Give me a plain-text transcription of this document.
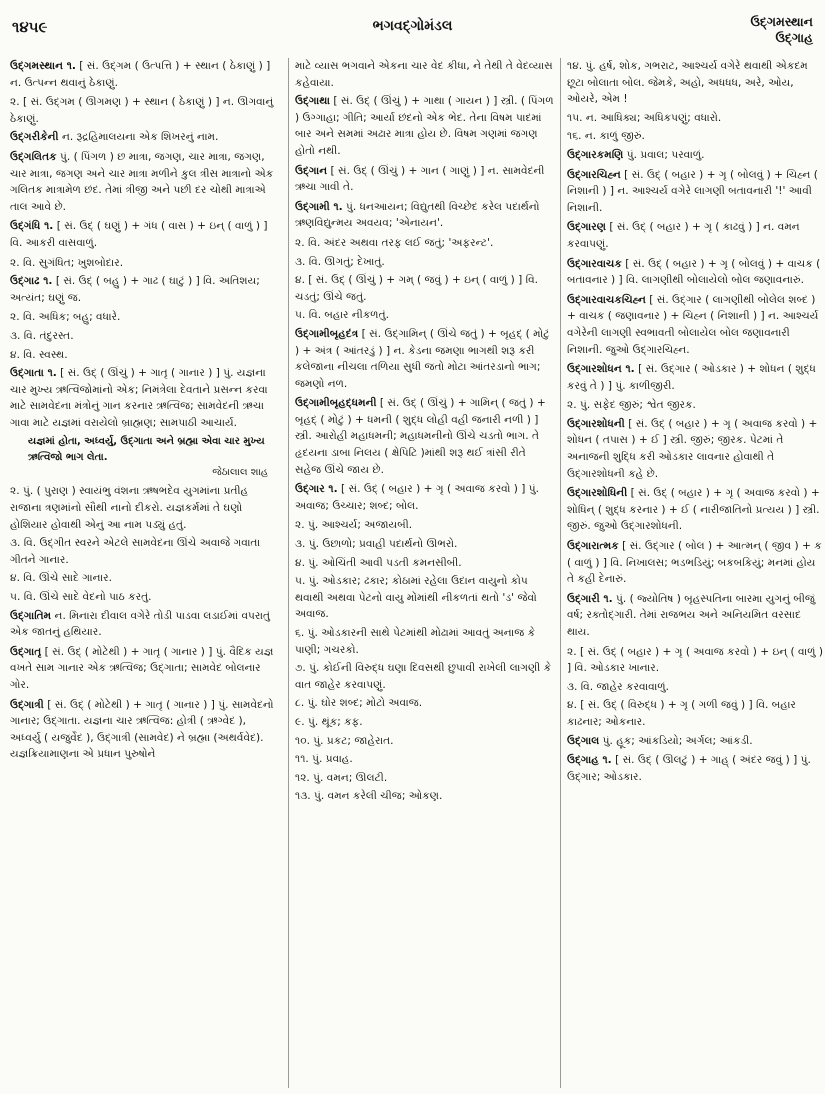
૧૪૫૯	ભગવદ્ગોમંડલ	ઉદ્ગમસ્થાન
ઉદ્ગાહ

ઉદ્ગમસ્થાન ૧. [ સં. ઉદ્ગમ ( ઉત્પત્તિ ) + સ્થાન ( ઠેકાણું ) ] ન. ઉત્પન્ન થવાનું ઠેકાણું.

૨. [ સં. ઉદ્ગમ ( ઊગમણ ) + સ્થાન ( ઠેકાણું ) ] ન. ઊગવાનું ઠેકાણું.

ઉદ્ગરીકેની ન. રૂદ્રહિમાલયના એક શિખરનું નામ.

ઉદ્ગલિતક પું. ( પિંગળ ) છ માત્રા, જગણ, ચાર માત્રા, જગણ, ચાર માત્રા, જગણ અને ચાર માત્રા મળીને કુલ ત્રીસ માત્રાનો એક ગલિતક માત્રામેળ છંદ. તેમાં ત્રીજી અને પછી દર ચોથી માત્રાએ તાલ આવે છે.

ઉદ્ગંધિ ૧. [ સં. ઉદ્ ( ઘણું ) + ગંધ ( વાસ ) + ઇન્ ( વાળું ) ] વિ. આકરી વાસવાળું.

૨. વિ. સુગંધિત; ખુશબોદાર.

ઉદ્ગાઢ ૧. [ સં. ઉદ્ ( બહુ ) + ગાઢ ( ઘાટું ) ] વિ. અતિશય; અત્યંત; ઘણું જ.

૨. વિ. અધિક; બહુ; વધારે.

૩. વિ. તંદુરસ્ત.

૪. વિ. સ્વસ્થ.

ઉદ્ગાતા ૧. [ સં. ઉદ્ ( ઊંચું ) + ગાતૃ ( ગાનાર ) ] પું. યજ્ઞના ચાર મુખ્ય ઋત્વિજોમાંનો એક; નિમંત્રેલા દેવતાને પ્રસન્ન કરવા માટે સામવેદના મંત્રોનું ગાન કરનાર ઋત્વિજ; સામવેદની ઋચા ગાવા માટે યજ્ઞમાં વરાયેલો બ્રાહ્મણ; સામપાઠી આચાર્ય.

યજ્ઞમાં હોતા, અધ્વર્યુ, ઉદ્ગાતા અને બ્રહ્મા એવા ચાર મુખ્ય ઋત્વિજો ભાગ લેતા.

જેઠાલાલ શાહ

૨. પું. ( પુરાણ ) સ્વાયંભુ વંશના ઋષભદેવ યુગમાંના પ્રતીહ રાજાના ત્રણમાંનો સૌથી નાનો દીકરો. યજ્ઞકર્મમાં તે ઘણો હોશિયાર હોવાથી એનું આ નામ પડ્યું હતું.

૩. વિ. ઉદ્ગીત સ્વરને એટલે સામવેદના ઊંચે અવાજે ગવાતા ગીતને ગાનાર.

૪. વિ. ઊંચે સાદે ગાનાર.

૫. વિ. ઊંચે સાદે વેદનો પાઠ કરતું.

ઉદ્ગાતિમ ન. મિનારા દીવાલ વગેરે તોડી પાડવા લડાઈમાં વપરાતું એક જાતનું હથિયાર.

ઉદ્ગાતૃ [ સં. ઉદ્ ( મોટેથી ) + ગાતૃ ( ગાનાર ) ] પું. વૈદિક યજ્ઞ વખતે સામ ગાનાર એક ઋત્વિજ; ઉદ્ગાતા; સામવેદ બોલનાર ગોર.

ઉદ્ગાત્રી [ સં. ઉદ્ ( મોટેથી ) + ગાતૃ ( ગાનાર ) ] પું. સામવેદનો ગાનાર; ઉદ્ગાતા. યજ્ઞના ચાર ઋત્વિજ: હોત્રી ( ઋગ્વેદ ), અધ્વર્યુ ( યજુર્વેદ ), ઉદ્ગાત્રી (સામવેદ) ને બ્રહ્મા (અથર્વવેદ). યજ્ઞક્રિયામાણના એ પ્રધાન પુરુષોને

માટે વ્યાસ ભગવાને એકના ચાર વેદ કીધા, ને તેથી તે વેદવ્યાસ કહેવાયા.

ઉદ્ગાથા [ સં. ઉદ્ ( ઊંચું ) + ગાથા ( ગાયન ) ] સ્ત્રી. ( પિંગળ ) ઉગ્ગાહા; ગીતિ; આર્યા છંદનો એક ભેદ. તેના વિષમ પાદમાં બાર અને સમમાં અઢાર માત્રા હોય છે. વિષમ ગણમાં જગણ હોતો નથી.

ઉદ્ગાન [ સં. ઉદ્ ( ઊંચું ) + ગાન ( ગાણું ) ] ન. સામવેદની ઋચા ગાવી તે.

ઉદ્ગામી ૧. પું. ધનઆયન; વિદ્યુતથી વિચ્છેદ કરેલ પદાર્થનો ઋણવિદ્યુન્મય અવયવ; 'એનાયન'.

૨. વિ. અંદર અથવા તરફ લઈ જતું; 'અફરન્ટ'.

૩. વિ. ઊગતું; દેખાતું.

૪. [ સં. ઉદ્ ( ઊંચું ) + ગમ્ ( જવું ) + ઇન્ ( વાળું ) ] વિ. ચડતું; ઊંચે જતું.

૫. વિ. બહાર નીકળતું.

ઉદ્ગામીબૃહદંત્ર [ સં. ઉદ્ગામિન્ ( ઊંચે જતું ) + બૃહદ્ ( મોટું ) + અંત્ર ( આંતરડું ) ] ન. કેડના જમણા ભાગથી શરૂ કરી કલેજાના નીચલા તળિયા સુધી જતો મોટા આંતરડાનો ભાગ; જમણો નળ.

ઉદ્ગામીબૃહદ્ધમની [ સં. ઉદ્ ( ઊંચું ) + ગામિન્ ( જતું ) + બૃહદ્ ( મોટું ) + ધમની ( શુદ્ધ લોહી વહી જનારી નળી ) ] સ્ત્રી. આરોહી મહાધમની; મહાધમનીનો ઊંચે ચડતો ભાગ. તે હૃદયના ડાબા નિલય ( ક્ષેપિટિ )માંથી શરૂ થઈ ત્રાંસી રીતે સહેજ ઊંચે જાય છે.

ઉદ્ગાર ૧. [ સં. ઉદ્ ( બહાર ) + ગૃ ( અવાજ કરવો ) ] પું. અવાજ; ઉચ્ચાર; શબ્દ; બોલ.

૨. પું. આશ્ચર્ય; અજાયબી.

૩. પું. ઉછાળો; પ્રવાહી પદાર્થનો ઊભરો.

૪. પું. ઓચિંતી આવી પડતી કમનસીબી.

૫. પું. ઓડકાર; ઢકાર; કોઠામાં રહેલા ઉદાન વાયુનો કોપ થવાથી અથવા પેટનો વાયુ મોંમાંથી નીકળતાં થતો 'ડ' જેવો અવાજ.

૬. પું. ઓડકારની સાથે પેટમાંથી મોઢામાં આવતું અનાજ કે પાણી; ગચરકો.

૭. પું. કોઈની વિરુદ્ધ ઘણા દિવસથી છુપાવી રાખેલી લાગણી કે વાત જાહેર કરવાપણું.

૮. પું. ઘોર શબ્દ; મોટો અવાજ.

૯. પું. થૂંક; કફ.

૧૦. પું. પ્રકટ; જાહેરાત.

૧૧. પું. પ્રવાહ.

૧૨. પું. વમન; ઊલટી.

૧૩. પું. વમન કરેલી ચીજ; ઓકણ.

૧૪. પું. હર્ષ, શોક, ગભરાટ, આશ્ચર્ય વગેરે થવાથી એકદમ છૂટા બોલાતા બોલ. જેમકે, અહો, અધધધ, અરે, ઓય, ઓયરે, એમ !

૧૫. ન. આધિક્ય; અધિકપણું; વધારો.

૧૬. ન. કાળું જીરું.

ઉદ્ગારકમણિ પું. પ્રવાલ; પરવાળું.

ઉદ્ગારચિહ્ન [ સં. ઉદ્ ( બહાર ) + ગૃ ( બોલવું ) + ચિહ્ન ( નિશાની ) ] ન. આશ્ચર્ય વગેરે લાગણી બતાવનારી '!' આવી નિશાની.

ઉદ્ગારણ [ સં. ઉદ્ ( બહાર ) + ગૃ ( કાઢવું ) ] ન. વમન કરવાપણું.

ઉદ્ગારવાચક [ સં. ઉદ્ ( બહાર ) + ગૃ ( બોલવું ) + વાચક ( બતાવનાર ) ] વિ. લાગણીથી બોલાયેલો બોલ જણાવનારું.

ઉદ્ગારવાચકચિહ્ન [ સં. ઉદ્ગાર ( લાગણીથી બોલેલ શબ્દ ) + વાચક ( જણાવનાર ) + ચિહ્ન ( નિશાની ) ] ન. આશ્ચર્ય વગેરેની લાગણી સ્વભાવતી બોલાયેલ બોલ જણાવનારી નિશાની. જુઓ ઉદ્ગારચિહ્ન.

ઉદ્ગારશોધન ૧. [ સં. ઉદ્ગાર ( ઓડકાર ) + શોધન ( શુદ્ધ કરવું તે ) ] પું. કાળીજીરી.

૨. પું. સફેદ જીરું; શ્વેત જીરક.

ઉદ્ગારશોધની [ સં. ઉદ્ ( બહાર ) + ગૃ ( અવાજ કરવો ) + શોધન ( તપાસ ) + ઈ ] સ્ત્રી. જીરું; જીરક. પેટમાં તે અનાજની શુદ્ધિ કરી ઓડકાર લાવનાર હોવાથી તે ઉદ્ગારશોધની કહે છે.

ઉદ્ગારશોધિની [ સં. ઉદ્ ( બહાર ) + ગૃ ( અવાજ કરવો ) + શોધિન્ ( શુદ્ધ કરનાર ) + ઈ ( નારીજાતિનો પ્રત્યય ) ] સ્ત્રી. જીરું. જુઓ ઉદ્ગારશોધની.

ઉદ્ગારાત્મક [ સં. ઉદ્ગાર ( બોલ ) + આત્મન્ ( જીવ ) + ક ( વાળું ) ] વિ. નિખાલસ; ભડભડિયું; બકબકિયું; મનમાં હોય તે કહી દેનારું.

ઉદ્ગારી ૧. પું. ( જ્યોતિષ ) બૃહસ્પતિના બારમા યુગનું બીજું વર્ષ; રક્તોદ્ગારી. તેમાં રાજભય અને અનિયમિત વરસાદ થાય.

૨. [ સં. ઉદ્ ( બહાર ) + ગૃ ( અવાજ કરવો ) + ઇન્ ( વાળું ) ] વિ. ઓડકાર ખાનાર.

૩. વિ. જાહેર કરવાવાળું.

૪. [ સં. ઉદ્ ( વિરુદ્ધ ) + ગૃ ( ગળી જવું ) ] વિ. બહાર કાઢનાર; ઓકનાર.

ઉદ્ગાલ પું. હૂક; આંકડિયો; અર્ગલ; આંકડી.

ઉદ્ગાહ ૧. [ સં. ઉદ્ ( ઊલટું ) + ગાહ્ ( અંદર જવું ) ] પું. ઉદ્ગાર; ઓડકાર.
